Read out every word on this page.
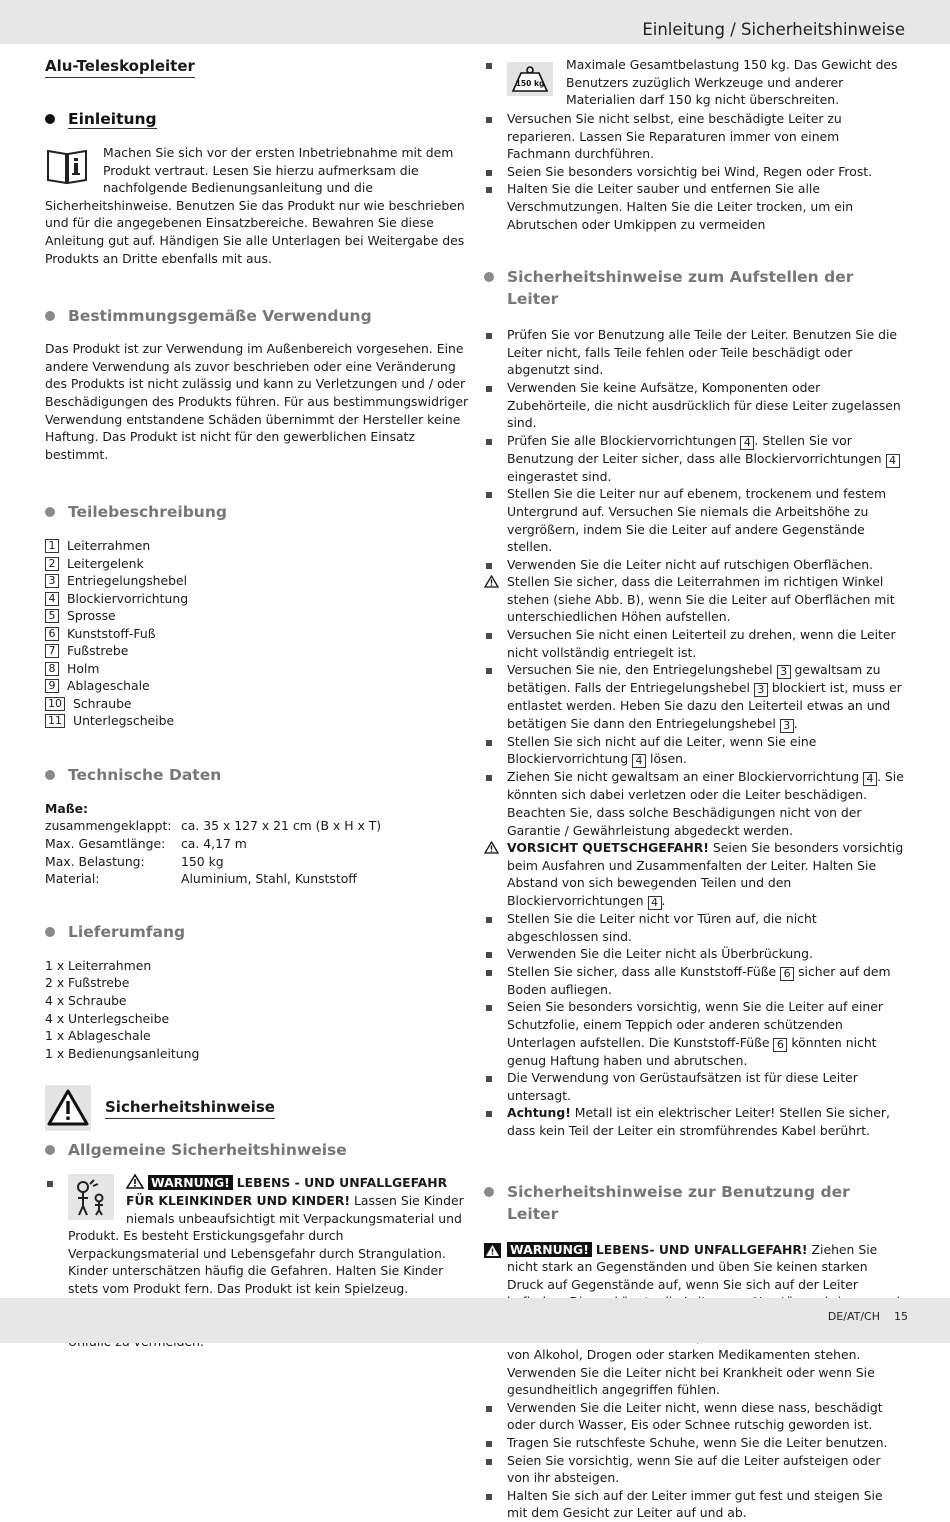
Einleitung / Sicherheitshinweise
Alu-Teleskopleiter
Einleitung

Machen Sie sich vor der ersten Inbetriebnahme mit dem Produkt vertraut. Lesen Sie hierzu aufmerksam die nachfolgende Bedienungsanleitung und die Sicherheitshinweise. Benutzen Sie das Produkt nur wie beschrieben und für die angegebenen Einsatzbereiche. Bewahren Sie diese Anleitung gut auf. Händigen Sie alle Unterlagen bei Weitergabe des Produkts an Dritte ebenfalls mit aus.

Bestimmungsgemäße Verwendung

Das Produkt ist zur Verwendung im Außenbereich vorgesehen. Eine andere Verwendung als zuvor beschrieben oder eine Veränderung des Produkts ist nicht zulässig und kann zu Verletzungen und / oder Beschädigungen des Produkts führen. Für aus bestimmungswidriger Verwendung entstandene Schäden übernimmt der Hersteller keine Haftung. Das Produkt ist nicht für den gewerblichen Einsatz bestimmt.

Teilebeschreibung
1 Leiterrahmen
2 Leitergelenk
3 Entriegelungshebel
4 Blockiervorrichtung
5 Sprosse
6 Kunststoff-Fuß
7 Fußstrebe
8 Holm
9 Ablageschale
10 Schraube
11 Unterlegscheibe
Technische Daten
Maße:
zusammengeklappt: ca. 35 x 127 x 21 cm (B x H x T)
Max. Gesamtlänge:	ca. 4,17 m
Max. Belastung:	150 kg
Material:	Aluminium, Stahl, Kunststoff
Lieferumfang
1 x Leiterrahmen
2 x Fußstrebe
4 x Schraube
4 x Unterlegscheibe
1 x Ablageschale
1 x Bedienungsanleitung
Sicherheitshinweise
Allgemeine Sicherheitshinweise
WARNUNG! LEBENS - UND UNFALLGEFAHR FÜR KLEINKINDER UND KINDER! Lassen Sie Kinder niemals unbeaufsichtigt mit Verpackungsmaterial und Produkt. Es besteht Erstickungsgefahr durch Verpackungsmaterial und Lebensgefahr durch Strangulation. Kinder unterschätzen häufig die Gefahren. Halten Sie Kinder stets vom Produkt fern. Das Produkt ist kein Spielzeug.
150 kg
Maximale Gesamtbelastung 150 kg. Das Gewicht des Benutzers zuzüglich Werkzeuge und anderer Materialien darf 150 kg nicht überschreiten.
Versuchen Sie nicht selbst, eine beschädigte Leiter zu reparieren. Lassen Sie Reparaturen immer von einem Fachmann durchführen.
Seien Sie besonders vorsichtig bei Wind, Regen oder Frost.
Halten Sie die Leiter sauber und entfernen Sie alle Verschmutzungen. Halten Sie die Leiter trocken, um ein Abrutschen oder Umkippen zu vermeiden
Sicherheitshinweise zum Aufstellen der Leiter
Prüfen Sie vor Benutzung alle Teile der Leiter. Benutzen Sie die Leiter nicht, falls Teile fehlen oder Teile beschädigt oder abgenutzt sind.
Verwenden Sie keine Aufsätze, Komponenten oder Zubehörteile, die nicht ausdrücklich für diese Leiter zugelassen sind.
Prüfen Sie alle Blockiervorrichtungen 4 . Stellen Sie vor Benutzung der Leiter sicher, dass alle Blockiervorrichtungen 4 eingerastet sind.
Stellen Sie die Leiter nur auf ebenem, trockenem und festem Untergrund auf. Versuchen Sie niemals die Arbeitshöhe zu vergrößern, indem Sie die Leiter auf andere Gegenstände stellen.
Verwenden Sie die Leiter nicht auf rutschigen Oberflächen.
Stellen Sie sicher, dass die Leiterrahmen im richtigen Winkel stehen (siehe Abb. B), wenn Sie die Leiter auf Oberflächen mit unterschiedlichen Höhen aufstellen.
Versuchen Sie nicht einen Leiterteil zu drehen, wenn die Leiter nicht vollständig entriegelt ist.
Versuchen Sie nie, den Entriegelungshebel 3 gewaltsam zu betätigen. Falls der Entriegelungshebel 3 blockiert ist, muss er entlastet werden. Heben Sie dazu den Leiterteil etwas an und betätigen Sie dann den Entriegelungshebel 3 .
Stellen Sie sich nicht auf die Leiter, wenn Sie eine Blockiervorrichtung 4 lösen.
Ziehen Sie nicht gewaltsam an einer Blockiervorrichtung 4 . Sie könnten sich dabei verletzen oder die Leiter beschädigen. Beachten Sie, dass solche Beschädigungen nicht von der Garantie / Gewährleistung abgedeckt werden.
VORSICHT QUETSCHGEFAHR! Seien Sie besonders vorsichtig beim Ausfahren und Zusammenfalten der Leiter. Halten Sie Abstand von sich bewegenden Teilen und den Blockiervorrichtungen 4 .
Stellen Sie die Leiter nicht vor Türen auf, die nicht abgeschlossen sind.
Verwenden Sie die Leiter nicht als Überbrückung.
Stellen Sie sicher, dass alle Kunststoff-Füße 6 sicher auf dem Boden aufliegen.
Seien Sie besonders vorsichtig, wenn Sie die Leiter auf einer Schutzfolie, einem Teppich oder anderen schützenden Unterlagen aufstellen. Die Kunststoff-Füße 6 könnten nicht genug Haftung haben und abrutschen.
Die Verwendung von Gerüstaufsätzen ist für diese Leiter untersagt.
Achtung! Metall ist ein elektrischer Leiter! Stellen Sie sicher, dass kein Teil der Leiter ein stromführendes Kabel berührt.
Sicherheitshinweise zur Benutzung der Leiter
WARNUNG! LEBENS- UND UNFALLGEFAHR! Ziehen Sie nicht stark an Gegenständen und üben Sie keinen starken Druck auf Gegenstände auf, wenn Sie sich auf der Leiter
von Alkohol, Drogen oder starken Medikamenten stehen. Verwenden Sie die Leiter nicht bei Krankheit oder wenn Sie gesundheitlich angegriffen fühlen.
Verwenden Sie die Leiter nicht, wenn diese nass, beschädigt oder durch Wasser, Eis oder Schnee rutschig geworden ist.
Tragen Sie rutschfeste Schuhe, wenn Sie die Leiter benutzen.
Seien Sie vorsichtig, wenn Sie auf die Leiter aufsteigen oder von ihr absteigen.
Halten Sie sich auf der Leiter immer gut fest und steigen Sie mit dem Gesicht zur Leiter auf und ab.
DE/AT/CH    15
